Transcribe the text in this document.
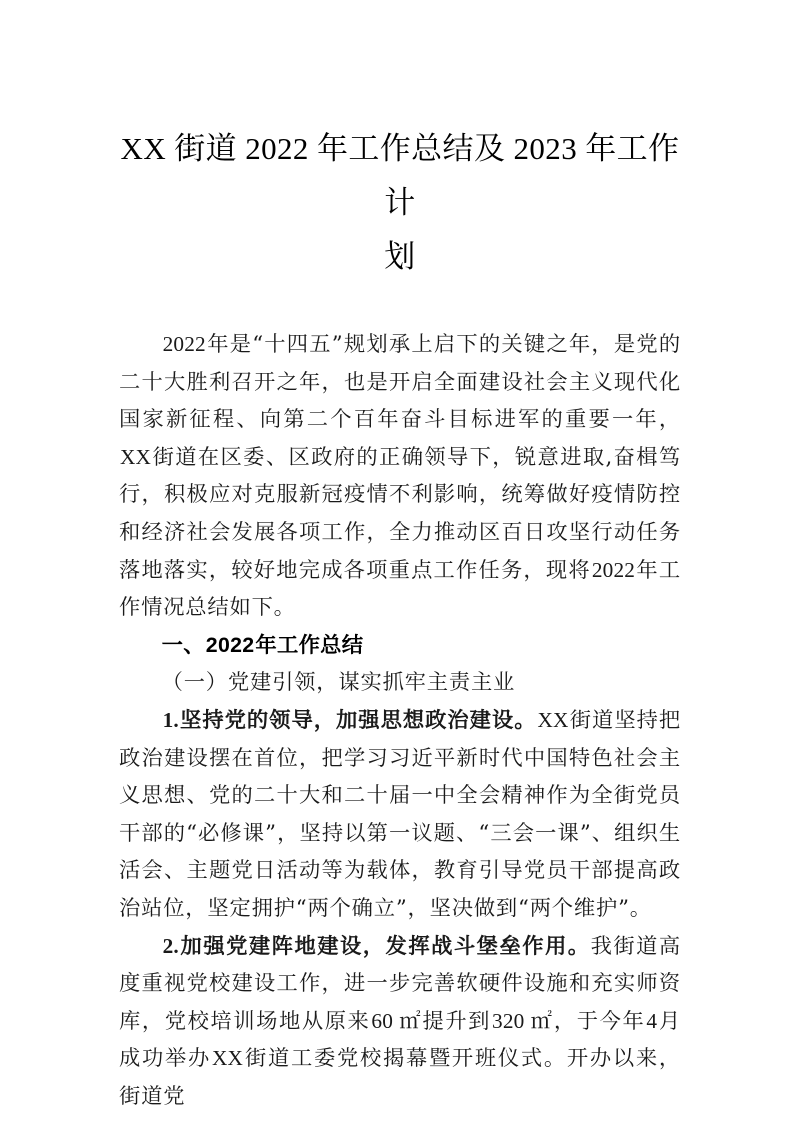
XX 街道 2022 年工作总结及 2023 年工作计
划

2022年是“十四五”规划承上启下的关键之年，是党的二十大胜利召开之年，也是开启全面建设社会主义现代化国家新征程、向第二个百年奋斗目标进军的重要一年，XX街道在区委、区政府的正确领导下，锐意进取,奋楫笃行，积极应对克服新冠疫情不利影响，统筹做好疫情防控和经济社会发展各项工作，全力推动区百日攻坚行动任务落地落实，较好地完成各项重点工作任务，现将2022年工作情况总结如下。

一、2022年工作总结

（一）党建引领，谋实抓牢主责主业

1.坚持党的领导，加强思想政治建设。XX街道坚持把政治建设摆在首位，把学习习近平新时代中国特色社会主义思想、党的二十大和二十届一中全会精神作为全街党员干部的“必修课”，坚持以第一议题、“三会一课”、组织生活会、主题党日活动等为载体，教育引导党员干部提高政治站位，坚定拥护“两个确立”，坚决做到“两个维护”。

2.加强党建阵地建设，发挥战斗堡垒作用。我街道高度重视党校建设工作，进一步完善软硬件设施和充实师资库，党校培训场地从原来60 ㎡提升到320 ㎡，于今年4月成功举办XX街道工委党校揭幕暨开班仪式。开办以来，街道党
